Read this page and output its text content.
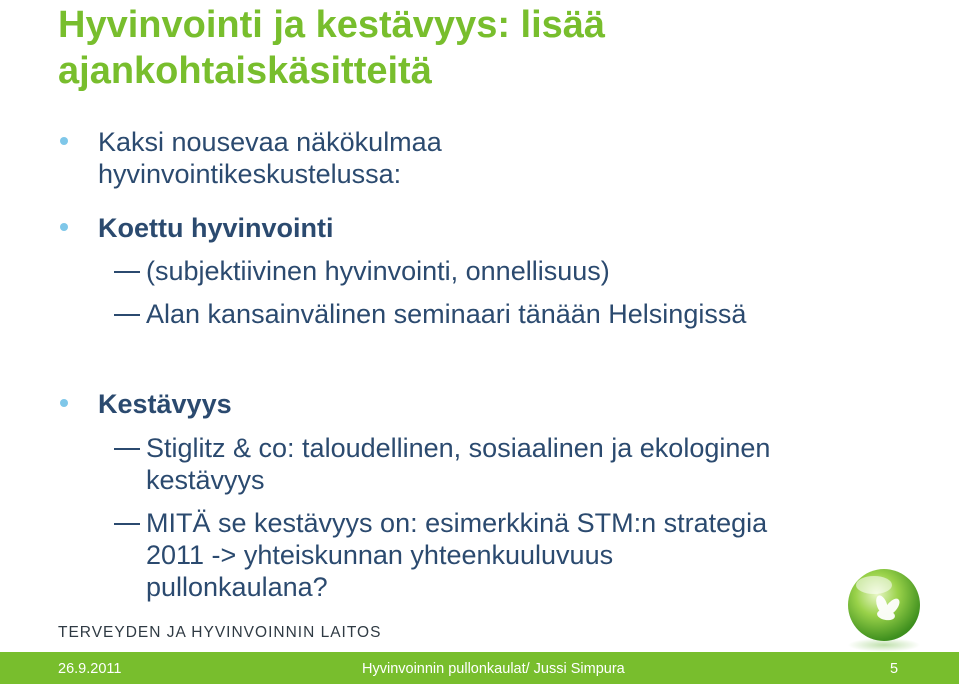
Hyvinvointi ja kestävyys: lisää
ajankohtaiskäsitteitä
Kaksi nousevaa näkökulmaa
hyvinvointikeskustelussa:
Koettu hyvinvointi
(subjektiivinen hyvinvointi, onnellisuus)
Alan kansainvälinen seminaari tänään Helsingissä
Kestävyys
Stiglitz & co: taloudellinen, sosiaalinen ja ekologinen
kestävyys
MITÄ se kestävyys on: esimerkkinä STM:n strategia
2011 -> yhteiskunnan yhteenkuuluvuus
pullonkaulana?
TERVEYDEN JA HYVINVOINNIN LAITOS
26.9.2011	Hyvinvoinnin pullonkaulat/ Jussi Simpura	5
